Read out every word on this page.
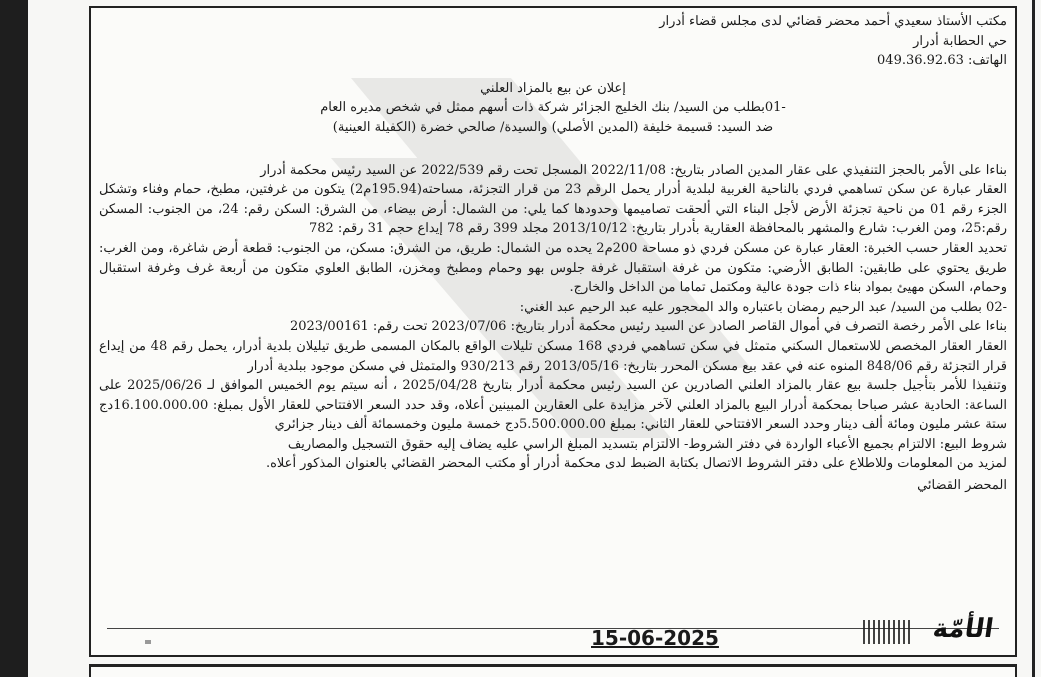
مكتب الأستاذ سعيدي أحمد محضر قضائي لدى مجلس قضاء أدرار
حي الحطابة أدرار
الهاتف: 049.36.92.63
إعلان عن بيع بالمزاد العلني
-01بطلب من السيد/ بنك الخليج الجزائر شركة ذات أسهم ممثل في شخص مديره العام
ضد السيد: قسيمة خليفة (المدين الأصلي) والسيدة/ صالحي خضرة (الكفيلة العينية)

بناءا على الأمر بالحجز التنفيذي على عقار المدين الصادر بتاريخ: 2022/11/08 المسجل تحت رقم 2022/539 عن السيد رئيس محكمة أدرار

العقار عبارة عن سكن تساهمي فردي بالناحية الغربية لبلدية أدرار يحمل الرقم 23 من قرار التجزئة، مساحته(195.94م2) يتكون من غرفتين، مطبخ، حمام وفناء وتشكل الجزء رقم 01 من ناحية تجزئة الأرض لأجل البناء التي ألحقت تصاميمها وحدودها كما يلي: من الشمال: أرض بيضاء، من الشرق: السكن رقم: 24، من الجنوب: المسكن رقم:25، ومن الغرب: شارع والمشهر بالمحافظة العقارية بأدرار بتاريخ: 2013/10/12 مجلد 399 رقم 78 إيداع حجم 31 رقم: 782

تحديد العقار حسب الخبرة: العقار عبارة عن مسكن فردي ذو مساحة 200م2 يحده من الشمال: طريق، من الشرق: مسكن، من الجنوب: قطعة أرض شاغرة، ومن الغرب: طريق يحتوي على طابقين: الطابق الأرضي: متكون من غرفة استقبال غرفة جلوس بهو وحمام ومطبخ ومخزن، الطابق العلوي متكون من أربعة غرف وغرفة استقبال وحمام، السكن مهيئ بمواد بناء ذات جودة عالية ومكتمل تماما من الداخل والخارج.

-02 بطلب من السيد/ عبد الرحيم رمضان باعتباره والد المحجور عليه عبد الرحيم عبد الغني:

بناءا على الأمر رخصة التصرف في أموال القاصر الصادر عن السيد رئيس محكمة أدرار بتاريخ: 2023/07/06 تحت رقم: 2023/00161

العقار العقار المخصص للاستعمال السكني متمثل في سكن تساهمي فردي 168 مسكن تليلات الواقع بالمكان المسمى طريق تيليلان بلدية أدرار، يحمل رقم 48 من إيداع قرار التجزئة رقم 848/06 المنوه عنه في عقد بيع مسكن المحرر بتاريخ: 2013/05/16 رقم 930/213 والمتمثل في مسكن موجود ببلدية أدرار

وتنفيذا للأمر بتأجيل جلسة بيع عقار بالمزاد العلني الصادرين عن السيد رئيس محكمة أدرار بتاريخ 2025/04/28 ، أنه سيتم يوم الخميس الموافق لـ 2025/06/26 على الساعة: الحادية عشر صباحا بمحكمة أدرار البيع بالمزاد العلني لآخر مزايدة على العقارين المبينين أعلاه، وقد حدد السعر الافتتاحي للعقار الأول بمبلغ: 16.100.000.00دج ستة عشر مليون ومائة ألف دينار وحدد السعر الافتتاحي للعقار الثاني: بمبلغ 5.500.000.00دج خمسة مليون وخمسمائة ألف دينار جزائري

شروط البيع: الالتزام بجميع الأعباء الواردة في دفتر الشروط- الالتزام بتسديد المبلغ الراسي عليه يضاف إليه حقوق التسجيل والمصاريف

لمزيد من المعلومات وللاطلاع على دفتر الشروط الاتصال بكتابة الضبط لدى محكمة أدرار أو مكتب المحضر القضائي بالعنوان المذكور أعلاه.

المحضر القضائي
15-06-2025	الأمّة
